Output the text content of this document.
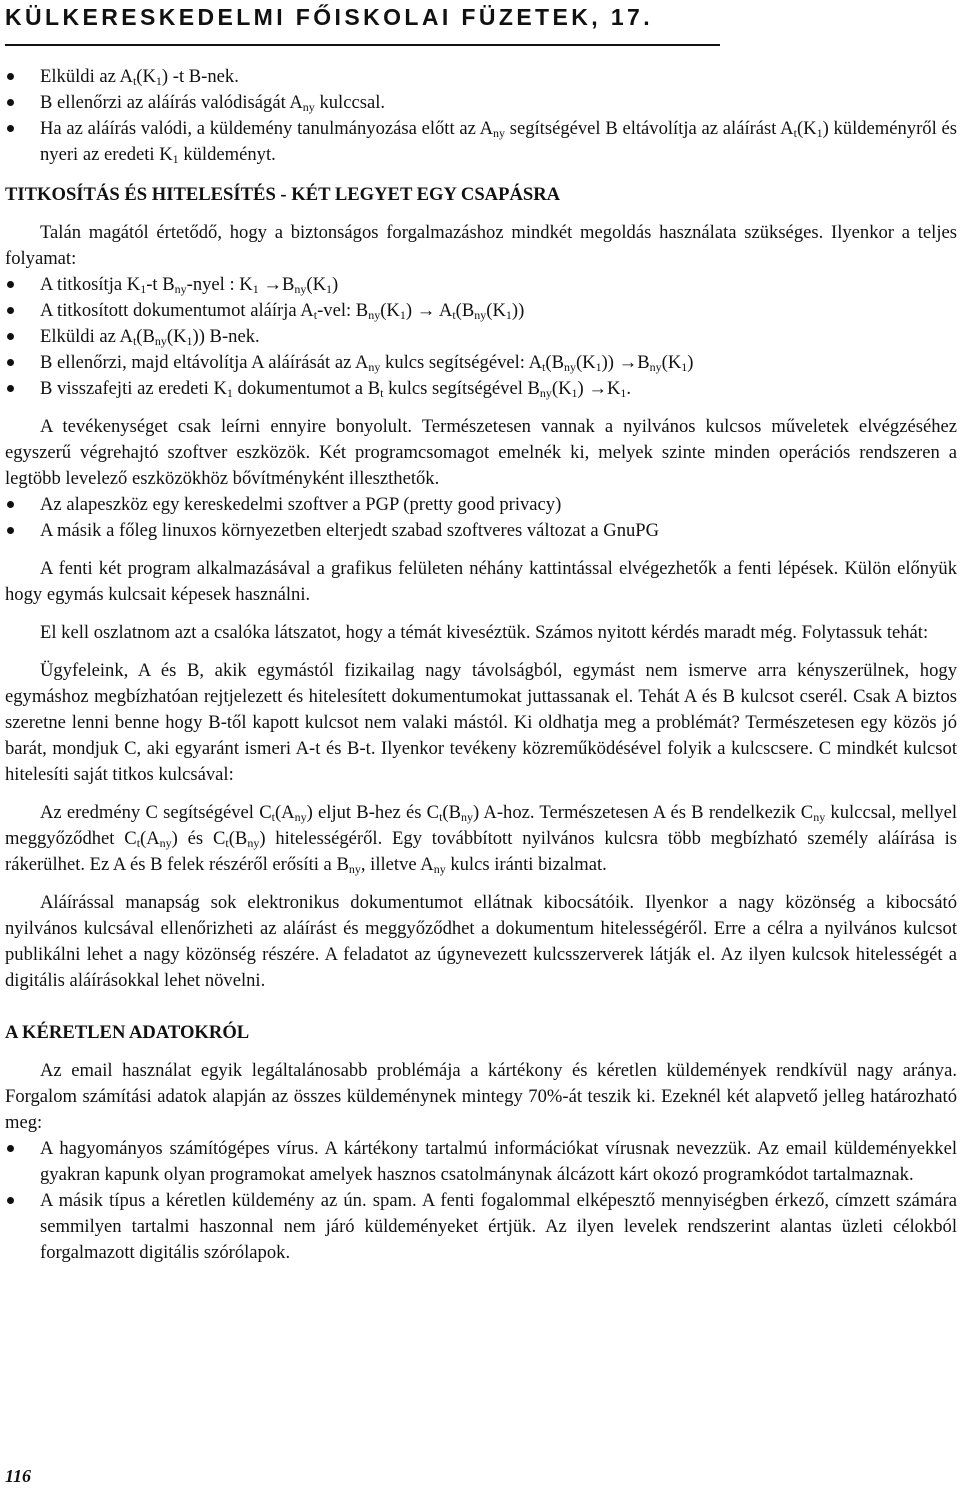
KÜLKERESKEDELMI FŐISKOLAI FÜZETEK, 17.
Elküldi az $A_t(K_1)$ -t B-nek.
B ellenőrzi az aláírás valódiságát $A_{ny}$ kulccsal.
Ha az aláírás valódi, a küldemény tanulmányozása előtt az $A_{ny}$ segítségével B eltávolítja az aláírást $A_t(K_1)$ küldeményről és nyeri az eredeti $K_1$ küldeményt.
TITKOSÍTÁS ÉS HITELESÍTÉS - KÉT LEGYET EGY CSAPÁSRA

Talán magától értetődő, hogy a biztonságos forgalmazáshoz mindkét megoldás használata szükséges. Ilyenkor a teljes folyamat:

A titkosítja $K_1-t$ $B_{ny}$-nyel : $K_1 \to B_{ny}(K_1)$
A titkosított dokumentumot aláírja $A_t$-vel: $B_{ny}(K_1) \to A_t(B_{ny}(K_1))$
Elküldi az $A_t(B_{ny}(K_1))$ B-nek.
B ellenőrzi, majd eltávolítja A aláírását az $A_{ny}$ kulcs segítségével: $A_t(B_{ny}(K_1)) \to B_{ny}(K_1)$
B visszafejti az eredeti $K_1$ dokumentumot a $B_t$ kulcs segítségével $B_{ny}(K_1) \to K_1$.

A tevékenységet csak leírni ennyire bonyolult. Természetesen vannak a nyilvános kulcsos műveletek elvégzéséhez egyszerű végrehajtó szoftver eszközök. Két programcsomagot emelnék ki, melyek szinte minden operációs rendszeren a legtöbb levelező eszközökhöz bővítményként illeszthetők.

Az alapeszköz egy kereskedelmi szoftver a PGP (pretty good privacy)
A másik a főleg linuxos környezetben elterjedt szabad szoftveres változat a GnuPG

A fenti két program alkalmazásával a grafikus felületen néhány kattintással elvégezhetők a fenti lépések. Külön előnyük hogy egymás kulcsait képesek használni.

El kell oszlatnom azt a csalóka látszatot, hogy a témát kiveséztük. Számos nyitott kérdés maradt még. Folytassuk tehát:

Ügyfeleink, A és B, akik egymástól fizikailag nagy távolságból, egymást nem ismerve arra kényszerülnek, hogy egymáshoz megbízhatóan rejtjelezett és hitelesített dokumentumokat juttassanak el. Tehát A és B kulcsot cserél. Csak A biztos szeretne lenni benne hogy B-től kapott kulcsot nem valaki mástól. Ki oldhatja meg a problémát? Természetesen egy közös jó barát, mondjuk C, aki egyaránt ismeri A-t és B-t. Ilyenkor tevékeny közreműködésével folyik a kulcscsere. C mindkét kulcsot hitelesíti saját titkos kulcsával:

Az eredmény C segítségével $C_t(A_{ny})$ eljut B-hez és $C_t(B_{ny})$ A-hoz. Természetesen A és B rendelkezik $C_{ny}$ kulccsal, mellyel meggyőződhet $C_t(A_{ny})$ és $C_t(B_{ny})$ hitelességéről. Egy továbbított nyilvános kulcsra több megbízható személy aláírása is rákerülhet. Ez A és B felek részéről erősíti a $B_{ny}$, illetve $A_{ny}$ kulcs iránti bizalmat.

Aláírással manapság sok elektronikus dokumentumot ellátnak kibocsátóik. Ilyenkor a nagy közönség a kibocsátó nyilvános kulcsával ellenőrizheti az aláírást és meggyőződhet a dokumentum hitelességéről. Erre a célra a nyilvános kulcsot publikálni lehet a nagy közönség részére. A feladatot az úgynevezett kulcsszerverek látják el. Az ilyen kulcsok hitelességét a digitális aláírásokkal lehet növelni.

A KÉRETLEN ADATOKRÓL

Az email használat egyik legáltalánosabb problémája a kártékony és kéretlen küldemények rendkívül nagy aránya. Forgalom számítási adatok alapján az összes küldeménynek mintegy 70%-át teszik ki. Ezeknél két alapvető jelleg határozható meg:

A hagyományos számítógépes vírus. A kártékony tartalmú információkat vírusnak nevezzük. Az email küldeményekkel gyakran kapunk olyan programokat amelyek hasznos csatolmánynak álcázott kárt okozó programkódot tartalmaznak.
A másik típus a kéretlen küldemény az ún. spam. A fenti fogalommal elképesztő mennyiségben érkező, címzett számára semmilyen tartalmi haszonnal nem járó küldeményeket értjük. Az ilyen levelek rendszerint alantas üzleti célokból forgalmazott digitális szórólapok.
116
